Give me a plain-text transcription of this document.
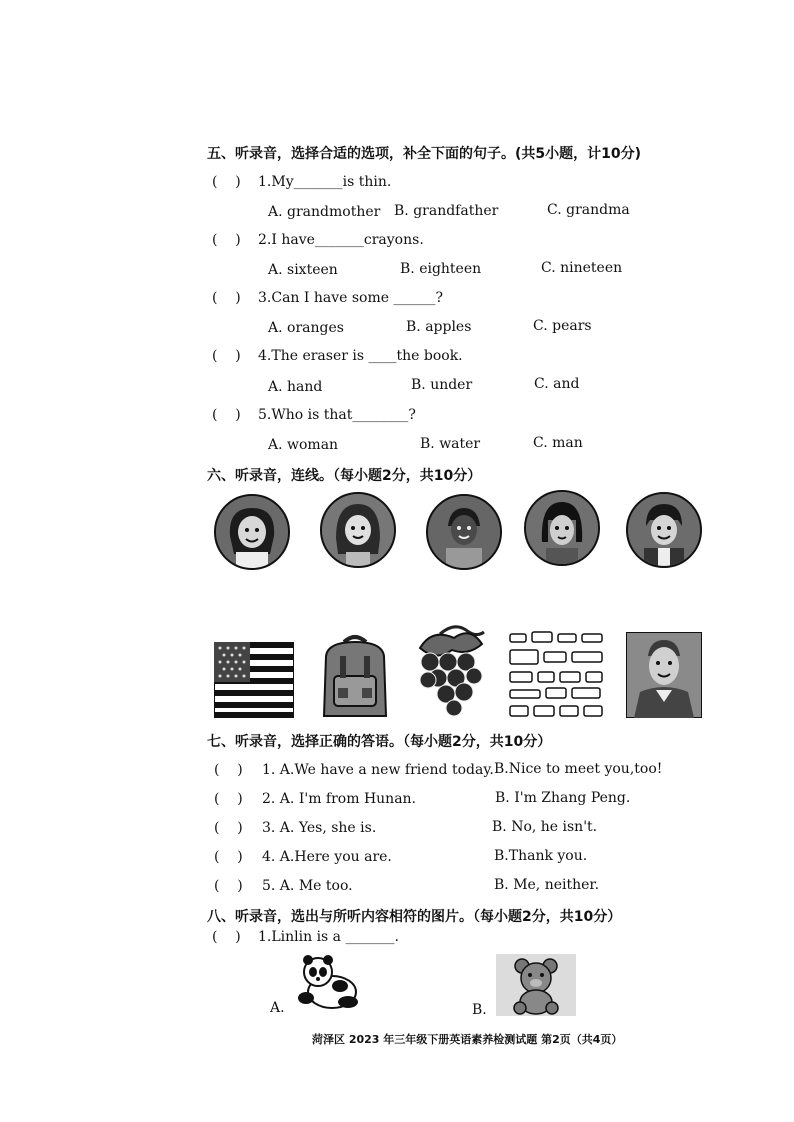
五、听录音，选择合适的选项，补全下面的句子。(共5小题，计10分)
(    ) 1.My_______is thin.
A. grandmother B. grandfather	C. grandma
(    ) 2.I have_______crayons.
A. sixteen	B. eighteen	C. nineteen
(    ) 3.Can I have some ______?
A. oranges	B. apples	C. pears
(    ) 4.The eraser is ____the book.
A. hand	B. under	C. and
(    ) 5.Who is that________?
A. woman	B. water	C. man
六、听录音，连线。（每小题2分，共10分）
七、听录音，选择正确的答语。（每小题2分，共10分）
(    ) 1. A.We have a new friend today. B.Nice to meet you,too!
(    ) 2. A. I'm from Hunan.	B. I'm Zhang Peng.
(    ) 3. A. Yes, she is.	B. No, he isn't.
(    ) 4. A.Here you are.	B.Thank you.
(    ) 5. A. Me too.	B. Me, neither.
八、听录音，选出与所听内容相符的图片。（每小题2分，共10分）
(    ) 1.Linlin is a _______.
A.	B.
菏泽区 2023 年三年级下册英语素养检测试题 第2页（共4页）
